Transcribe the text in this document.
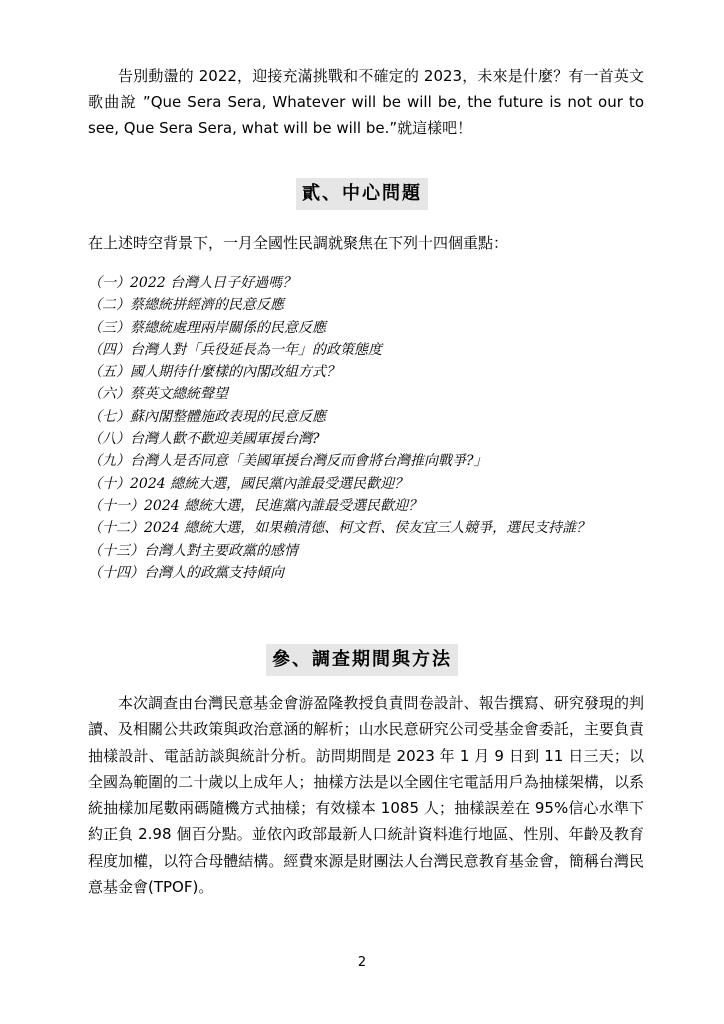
告別動盪的 2022，迎接充滿挑戰和不確定的 2023，未來是什麼？有一首英文歌曲說 ”Que Sera Sera, Whatever will be will be, the future is not our to see, Que Sera Sera, what will be will be.”就這樣吧！

貳、中心問題

在上述時空背景下，一月全國性民調就聚焦在下列十四個重點：

（一）2022 台灣人日子好過嗎？
（二）蔡總統拼經濟的民意反應
（三）蔡總統處理兩岸關係的民意反應
（四）台灣人對「兵役延長為一年」的政策態度
（五）國人期待什麼樣的內閣改組方式？
（六）蔡英文總統聲望
（七）蘇內閣整體施政表現的民意反應
（八）台灣人歡不歡迎美國軍援台灣?
（九）台灣人是否同意「美國軍援台灣反而會將台灣推向戰爭?」
（十）2024 總統大選，國民黨內誰最受選民歡迎？
（十一）2024 總統大選，民進黨內誰最受選民歡迎？
（十二）2024 總統大選，如果賴清德、柯文哲、侯友宜三人競爭，選民支持誰？
（十三）台灣人對主要政黨的感情
（十四）台灣人的政黨支持傾向
參、調查期間與方法

本次調查由台灣民意基金會游盈隆教授負責問卷設計、報告撰寫、研究發現的判讀、及相關公共政策與政治意涵的解析；山水民意研究公司受基金會委託，主要負責抽樣設計、電話訪談與統計分析。訪問期間是 2023 年 1 月 9 日到 11 日三天；以全國為範圍的二十歲以上成年人；抽樣方法是以全國住宅電話用戶為抽樣架構，以系統抽樣加尾數兩碼隨機方式抽樣；有效樣本 1085 人；抽樣誤差在 95%信心水準下約正負 2.98 個百分點。並依內政部最新人口統計資料進行地區、性別、年齡及教育程度加權，以符合母體結構。經費來源是財團法人台灣民意教育基金會，簡稱台灣民意基金會(TPOF)。

2
